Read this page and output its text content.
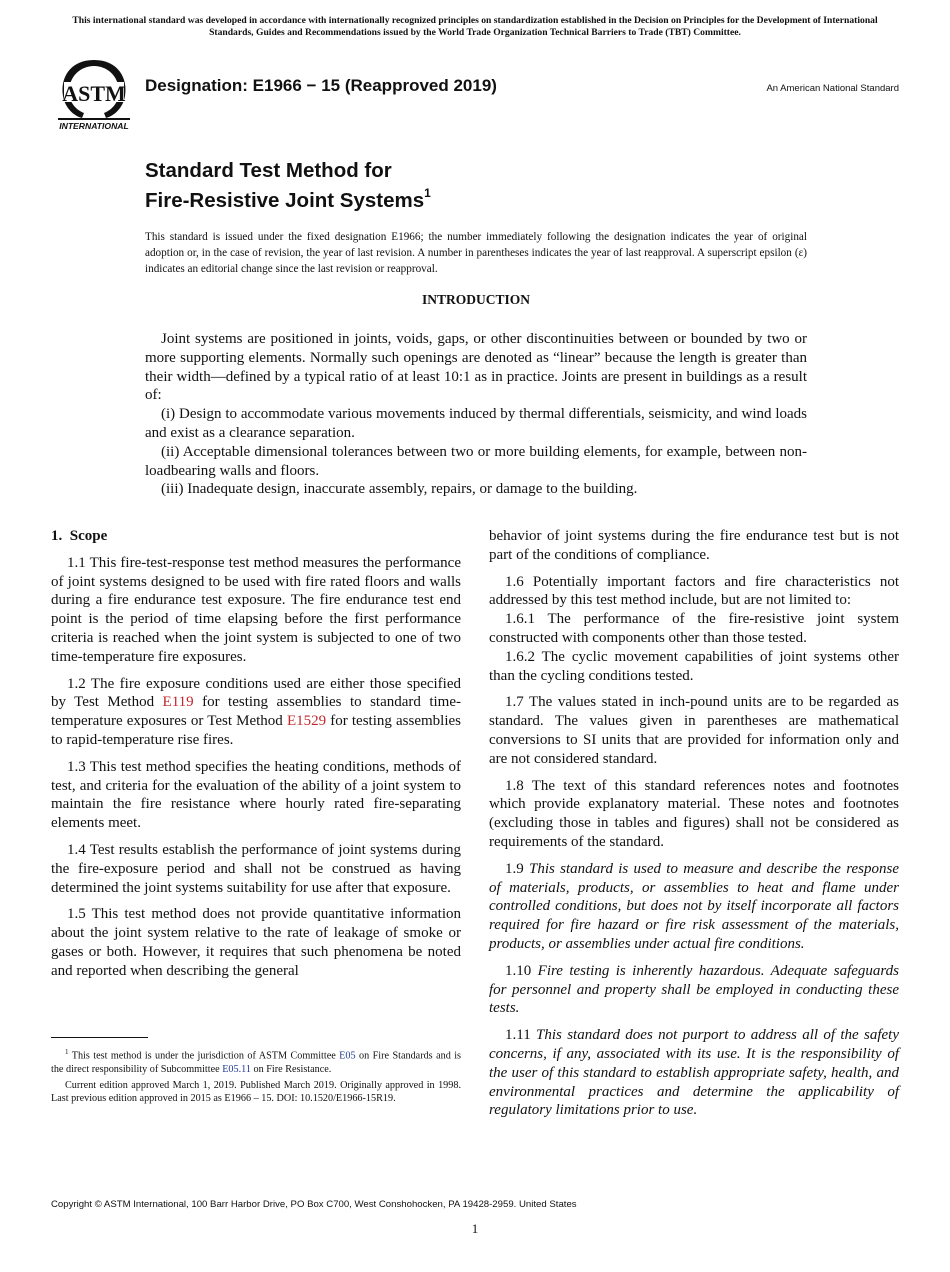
This international standard was developed in accordance with internationally recognized principles on standardization established in the Decision on Principles for the Development of International Standards, Guides and Recommendations issued by the World Trade Organization Technical Barriers to Trade (TBT) Committee.
ASTM
INTERNATIONAL
Designation: E1966 − 15 (Reapproved 2019)	An American National Standard
Standard Test Method for
Fire-Resistive Joint Systems$^1$
This standard is issued under the fixed designation E1966; the number immediately following the designation indicates the year of original adoption or, in the case of revision, the year of last revision. A number in parentheses indicates the year of last reapproval. A superscript epsilon (ε) indicates an editorial change since the last revision or reapproval.
INTRODUCTION

Joint systems are positioned in joints, voids, gaps, or other discontinuities between or bounded by two or more supporting elements. Normally such openings are denoted as “linear” because the length is greater than their width—defined by a typical ratio of at least 10:1 as in practice. Joints are present in buildings as a result of:

(i) Design to accommodate various movements induced by thermal differentials, seismicity, and wind loads and exist as a clearance separation.

(ii) Acceptable dimensional tolerances between two or more building elements, for example, between non-loadbearing walls and floors.

(iii) Inadequate design, inaccurate assembly, repairs, or damage to the building.

1. Scope

1.1 This fire-test-response test method measures the performance of joint systems designed to be used with fire rated floors and walls during a fire endurance test exposure. The fire endurance test end point is the period of time elapsing before the first performance criteria is reached when the joint system is subjected to one of two time-temperature fire exposures.

1.2 The fire exposure conditions used are either those specified by Test Method E119 for testing assemblies to standard time-temperature exposures or Test Method E1529 for testing assemblies to rapid-temperature rise fires.

1.3 This test method specifies the heating conditions, methods of test, and criteria for the evaluation of the ability of a joint system to maintain the fire resistance where hourly rated fire-separating elements meet.

1.4 Test results establish the performance of joint systems during the fire-exposure period and shall not be construed as having determined the joint systems suitability for use after that exposure.

1.5 This test method does not provide quantitative information about the joint system relative to the rate of leakage of smoke or gases or both. However, it requires that such phenomena be noted and reported when describing the general

behavior of joint systems during the fire endurance test but is not part of the conditions of compliance.

1.6 Potentially important factors and fire characteristics not addressed by this test method include, but are not limited to:

1.6.1 The performance of the fire-resistive joint system constructed with components other than those tested.

1.6.2 The cyclic movement capabilities of joint systems other than the cycling conditions tested.

1.7 The values stated in inch-pound units are to be regarded as standard. The values given in parentheses are mathematical conversions to SI units that are provided for information only and are not considered standard.

1.8 The text of this standard references notes and footnotes which provide explanatory material. These notes and footnotes (excluding those in tables and figures) shall not be considered as requirements of the standard.

1.9 This standard is used to measure and describe the response of materials, products, or assemblies to heat and flame under controlled conditions, but does not by itself incorporate all factors required for fire hazard or fire risk assessment of the materials, products, or assemblies under actual fire conditions.

1.10 Fire testing is inherently hazardous. Adequate safeguards for personnel and property shall be employed in conducting these tests.

1.11 This standard does not purport to address all of the safety concerns, if any, associated with its use. It is the responsibility of the user of this standard to establish appropriate safety, health, and environmental practices and determine the applicability of regulatory limitations prior to use.

$^1$ This test method is under the jurisdiction of ASTM Committee E05 on Fire Standards and is the direct responsibility of Subcommittee E05.11 on Fire Resistance.

Current edition approved March 1, 2019. Published March 2019. Originally approved in 1998. Last previous edition approved in 2015 as E1966 – 15. DOI: 10.1520/E1966-15R19.

Copyright © ASTM International, 100 Barr Harbor Drive, PO Box C700, West Conshohocken, PA 19428-2959. United States
1
